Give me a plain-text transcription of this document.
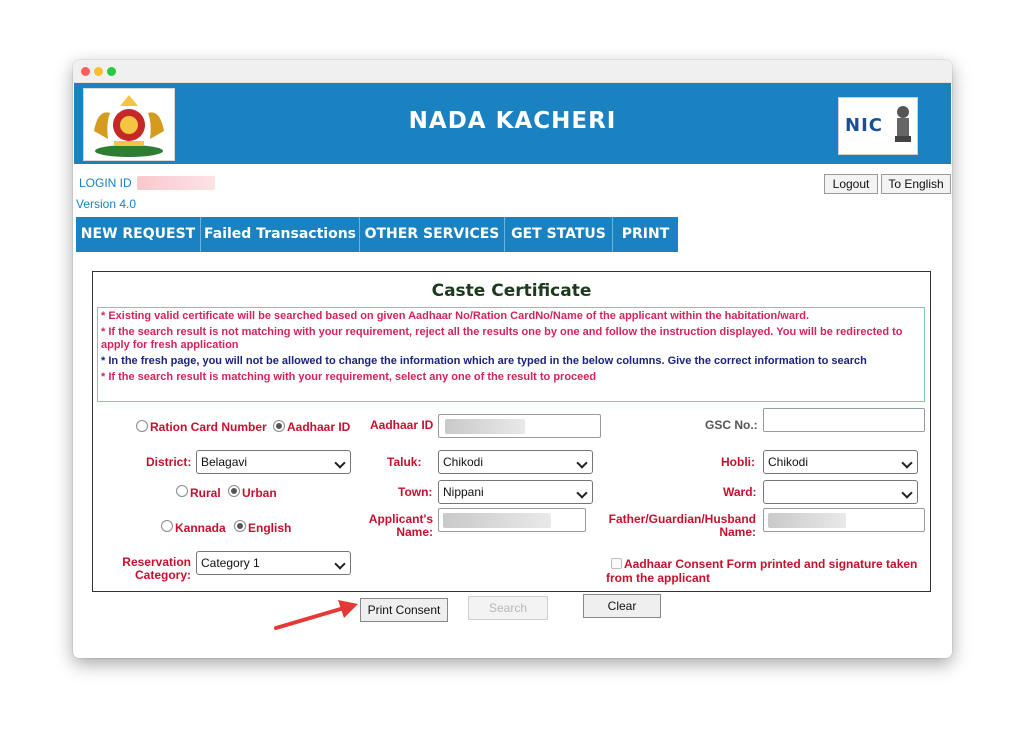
NADA KACHERI	NIC
LOGIN ID
Version 4.0
Logout	To English
NEW REQUEST Failed Transactions OTHER SERVICES GET STATUS	PRINT
Caste Certificate

* Existing valid certificate will be searched based on given Aadhaar No/Ration CardNo/Name of the applicant within the habitation/ward.

* If the search result is not matching with your requirement, reject all the results one by one and follow the instruction displayed. You will be redirected to apply for fresh application

* In the fresh page, you will not be allowed to change the information which are typed in the below columns. Give the correct information to search

* If the search result is matching with your requirement, select any one of the result to proceed

Ration Card Number Aadhaar ID Aadhaar ID	GSC No.:
District: Belagavi	Taluk:	Chikodi	Hobli:	Chikodi
Rural Urban	Town: Nippani	Ward:
Kannada English
Applicant's Name:
Father/Guardian/Husband Name:
Reservation Category:
Category 1	Aadhaar Consent Form printed and signature taken from the applicant
Print Consent	Search	Clear
